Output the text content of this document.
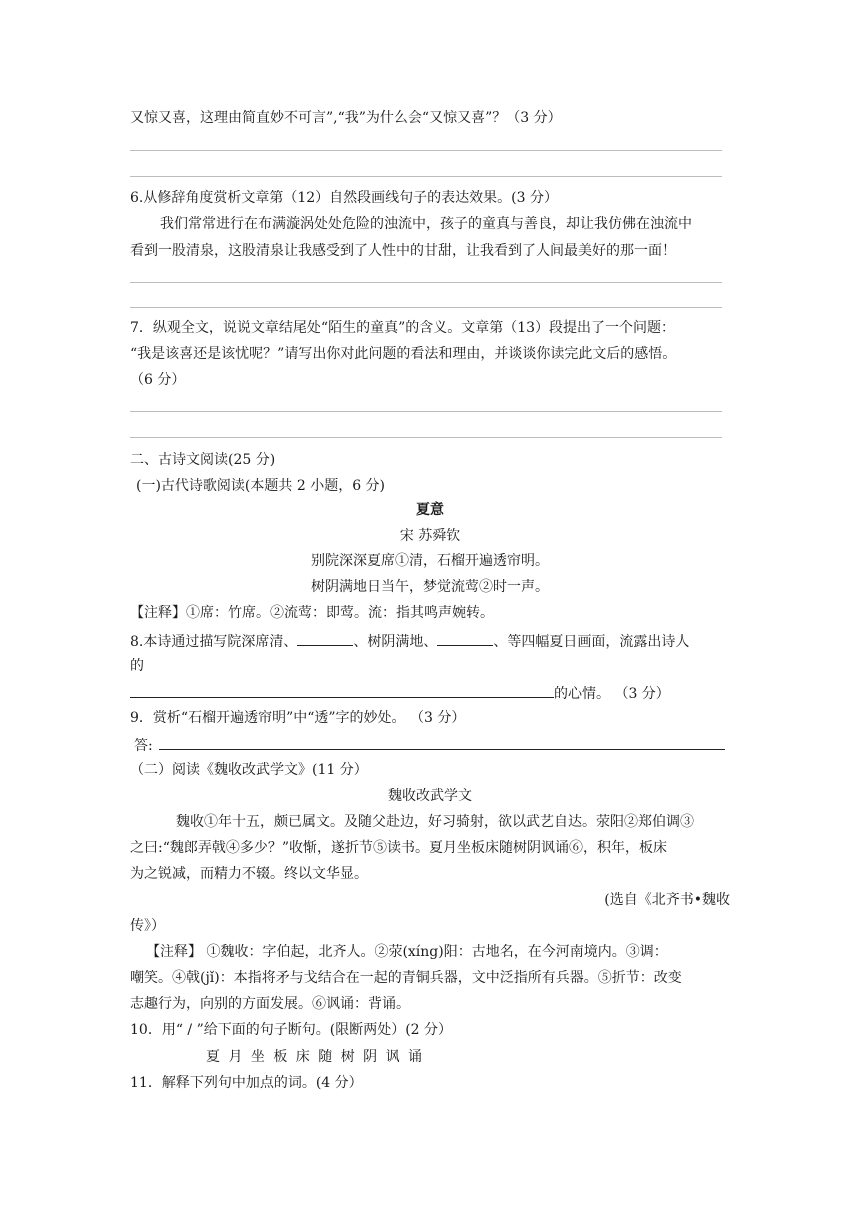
又惊又喜，这理由简直妙不可言”,“我”为什么会“又惊又喜”？（3 分）
6.从修辞角度赏析文章第（12）自然段画线句子的表达效果。(3 分）
我们常常进行在布满漩涡处处危险的浊流中，孩子的童真与善良，却让我仿佛在浊流中
看到一股清泉，这股清泉让我感受到了人性中的甘甜，让我看到了人间最美好的那一面！
7．纵观全文，说说文章结尾处“陌生的童真”的含义。文章第（13）段提出了一个问题：
“我是该喜还是该忧呢？”请写出你对此问题的看法和理由，并谈谈你读完此文后的感悟。
（6 分）
二、古诗文阅读(25 分)
(一)古代诗歌阅读(本题共 2 小题，6 分)
夏意
宋 苏舜钦
别院深深夏席①清，石榴开遍透帘明。
树阴满地日当午，梦觉流莺②时一声。
【注释】①席：竹席。②流莺：即莺。流：指其鸣声婉转。
8.本诗通过描写院深席清、	、树阴满地、	、等四幅夏日画面，流露出诗人
的
的心情。 （3 分）
9．赏析“石榴开遍透帘明”中“透”字的妙处。 （3 分）
答:
（二）阅读《魏收改武学文》(11 分）
魏收改武学文
魏收①年十五，颇已属文。及随父赴边，好习骑射，欲以武艺自达。荥阳②郑伯调③
之曰:“魏郎弄戟④多少？”收惭，遂折节⑤读书。夏月坐板床随树阴讽诵⑥，积年，板床
为之锐减，而精力不辍。终以文华显。
(选自《北齐书•魏收
传》）
【注释】 ①魏收：字伯起，北齐人。②荥(xíng)阳：古地名，在今河南境内。③调：
嘲笑。④戟(jǐ)：本指将矛与戈结合在一起的青铜兵器，文中泛指所有兵器。⑤折节：改变
志趣行为，向别的方面发展。⑥讽诵：背诵。
10．用“ / ”给下面的句子断句。(限断两处）(2 分）
夏 月 坐 板 床 随 树 阴 讽 诵
11．解释下列句中加点的词。(4 分）
